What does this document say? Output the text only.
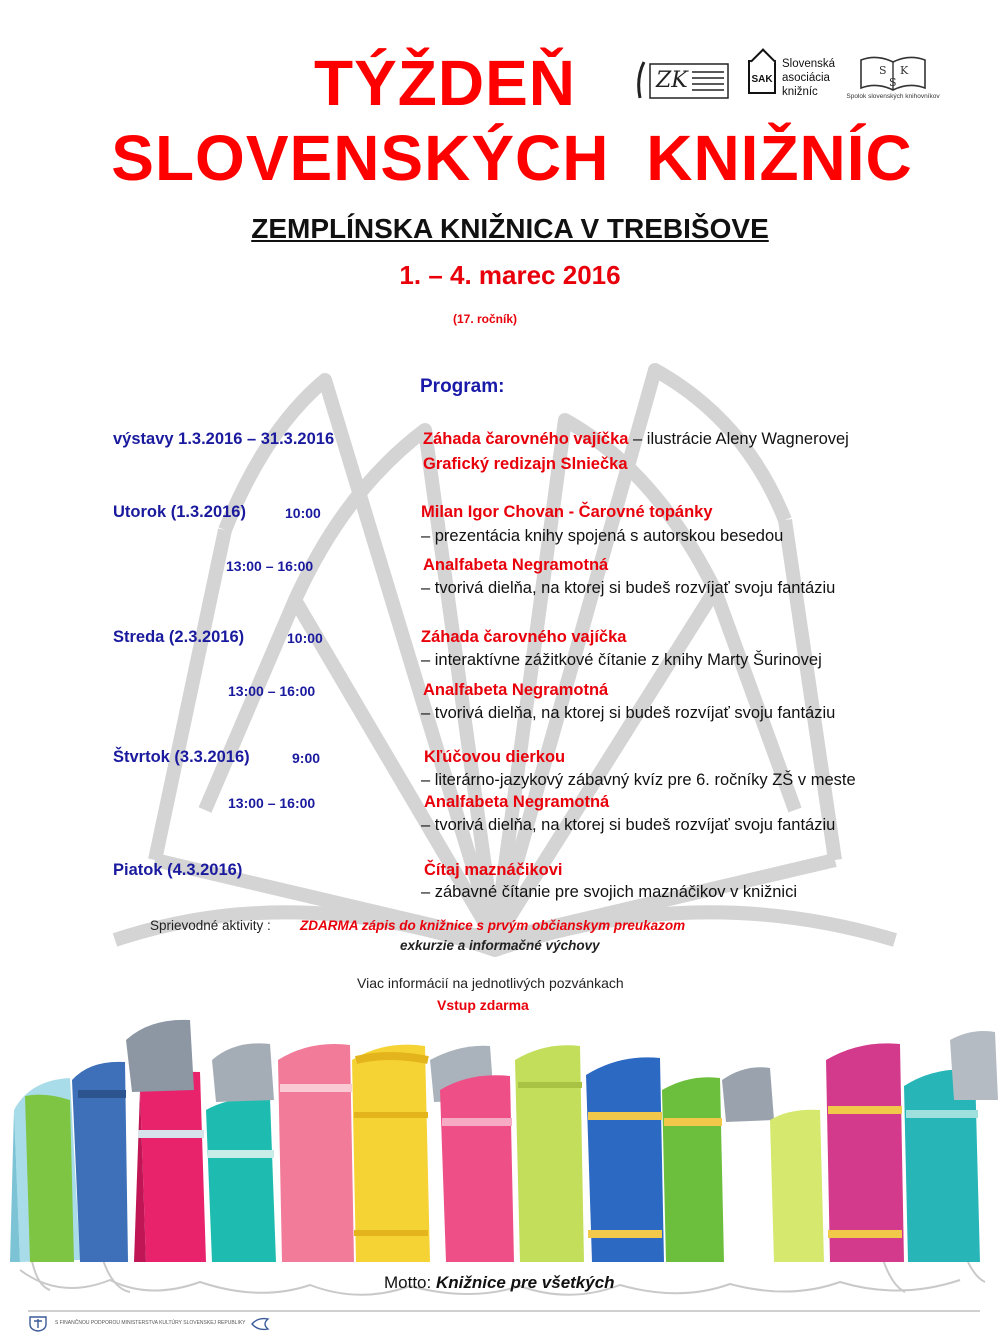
TÝŽDEŇ
SLOVENSKÝCH KNIŽNÍC
ZK	SAK
Slovenská
asociácia
knižníc
S K
S
Spolok slovenských knihovníkov
ZEMPLÍNSKA KNIŽNICA V TREBIŠOVE
1. – 4. marec 2016
(17. ročník)
Program:
výstavy 1.3.2016 – 31.3.2016	Záhada čarovného vajíčka – ilustrácie Aleny Wagnerovej
Grafický redizajn Slniečka
Utorok (1.3.2016)	10:00	Milan Igor Chovan - Čarovné topánky
– prezentácia knihy spojená s autorskou besedou
13:00 – 16:00	Analfabeta Negramotná
– tvorivá dielňa, na ktorej si budeš rozvíjať svoju fantáziu
Streda (2.3.2016)	10:00	Záhada čarovného vajíčka
– interaktívne zážitkové čítanie z knihy Marty Šurinovej
13:00 – 16:00	Analfabeta Negramotná
– tvorivá dielňa, na ktorej si budeš rozvíjať svoju fantáziu
Štvrtok (3.3.2016)	9:00	Kľúčovou dierkou
– literárno-jazykový zábavný kvíz pre 6. ročníky ZŠ v meste
13:00 – 16:00	Analfabeta Negramotná
– tvorivá dielňa, na ktorej si budeš rozvíjať svoju fantáziu
Piatok (4.3.2016)	Čítaj maznáčikovi
– zábavné čítanie pre svojich maznáčikov v knižnici
Sprievodné aktivity : ZDARMA zápis do knižnice s prvým občianskym preukazom
exkurzie a informačné výchovy
Viac informácií na jednotlivých pozvánkach
Vstup zdarma
Motto: Knižnice pre všetkých
S FINANČNOU PODPOROU MINISTERSTVA KULTÚRY SLOVENSKEJ REPUBLIKY
